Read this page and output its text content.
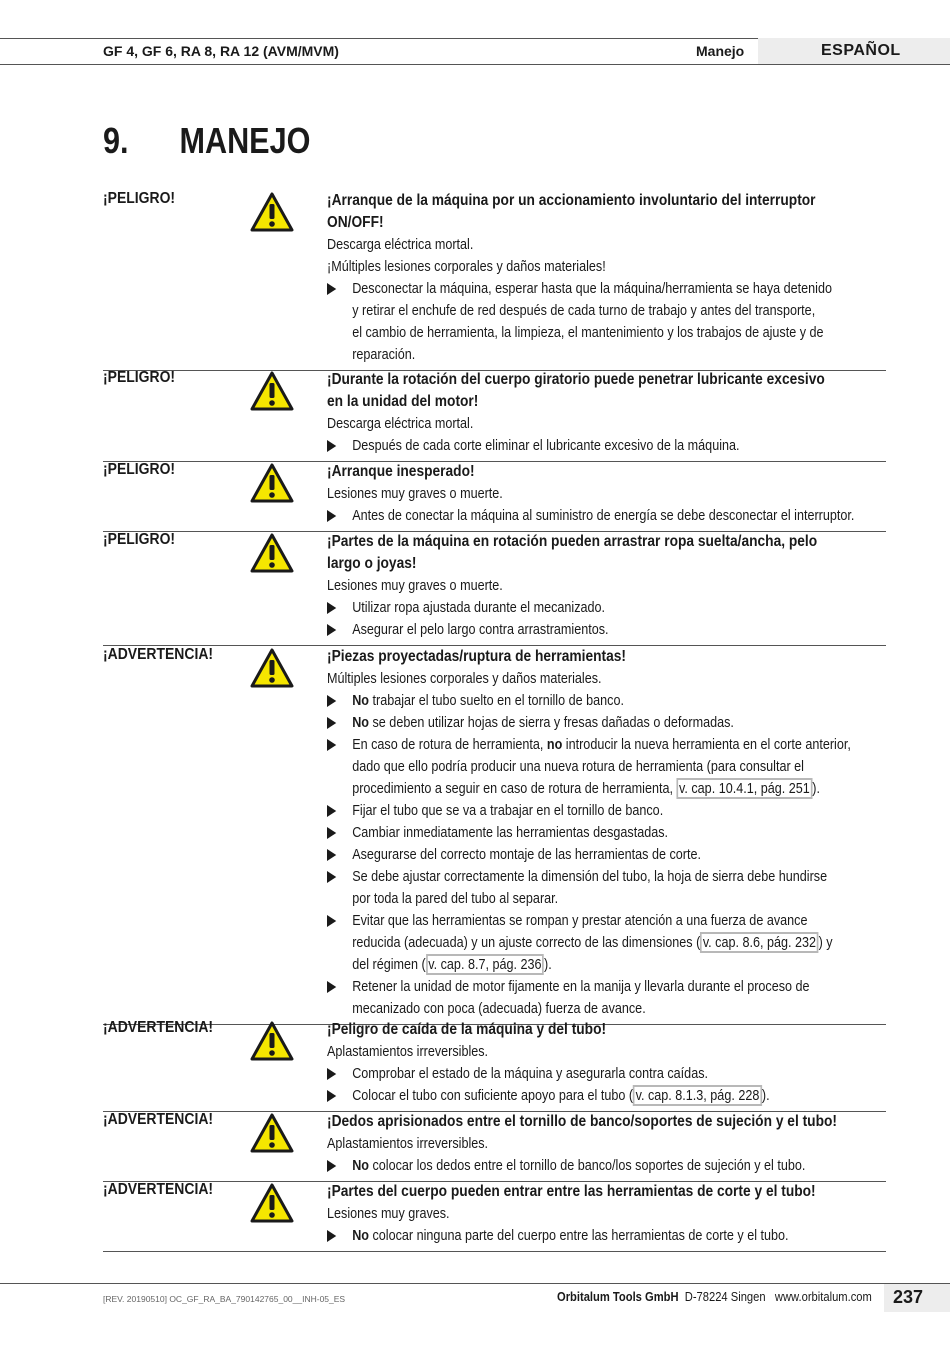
GF 4, GF 6, RA 8, RA 12 (AVM/MVM)	Manejo	ESPAÑOL
9. MANEJO
¡PELIGRO!	¡Arranque de la máquina por un accionamiento involuntario del interruptor
ON/OFF!
Descarga eléctrica mortal.
¡Múltiples lesiones corporales y daños materiales!
Desconectar la máquina, esperar hasta que la máquina/herramienta se haya detenido
y retirar el enchufe de red después de cada turno de trabajo y antes del transporte,
el cambio de herramienta, la limpieza, el mantenimiento y los trabajos de ajuste y de
reparación.
¡PELIGRO!	¡Durante la rotación del cuerpo giratorio puede penetrar lubricante excesivo
en la unidad del motor!
Descarga eléctrica mortal.
Después de cada corte eliminar el lubricante excesivo de la máquina.
¡PELIGRO!	¡Arranque inesperado!
Lesiones muy graves o muerte.
Antes de conectar la máquina al suministro de energía se debe desconectar el interruptor.
¡PELIGRO!	¡Partes de la máquina en rotación pueden arrastrar ropa suelta/ancha, pelo
largo o joyas!
Lesiones muy graves o muerte.
Utilizar ropa ajustada durante el mecanizado.
Asegurar el pelo largo contra arrastramientos.
¡ADVERTENCIA!	¡Piezas proyectadas/ruptura de herramientas!
Múltiples lesiones corporales y daños materiales.
No trabajar el tubo suelto en el tornillo de banco.
No se deben utilizar hojas de sierra y fresas dañadas o deformadas.
En caso de rotura de herramienta, no introducir la nueva herramienta en el corte anterior,
dado que ello podría producir una nueva rotura de herramienta (para consultar el
procedimiento a seguir en caso de rotura de herramienta, v. cap. 10.4.1, pág. 251 ).
Fijar el tubo que se va a trabajar en el tornillo de banco.
Cambiar inmediatamente las herramientas desgastadas.
Asegurarse del correcto montaje de las herramientas de corte.
Se debe ajustar correctamente la dimensión del tubo, la hoja de sierra debe hundirse
por toda la pared del tubo al separar.
Evitar que las herramientas se rompan y prestar atención a una fuerza de avance
reducida (adecuada) y un ajuste correcto de las dimensiones ( v. cap. 8.6, pág. 232 ) y
del régimen ( v. cap. 8.7, pág. 236 ).
Retener la unidad de motor fijamente en la manija y llevarla durante el proceso de
mecanizado con poca (adecuada) fuerza de avance.
¡ADVERTENCIA!	¡Peligro de caída de la máquina y del tubo!
Aplastamientos irreversibles.
Comprobar el estado de la máquina y asegurarla contra caídas.
Colocar el tubo con suficiente apoyo para el tubo ( v. cap. 8.1.3, pág. 228 ).
¡ADVERTENCIA!	¡Dedos aprisionados entre el tornillo de banco/soportes de sujeción y el tubo!
Aplastamientos irreversibles.
No colocar los dedos entre el tornillo de banco/los soportes de sujeción y el tubo.
¡ADVERTENCIA!	¡Partes del cuerpo pueden entrar entre las herramientas de corte y el tubo!
Lesiones muy graves.
No colocar ninguna parte del cuerpo entre las herramientas de corte y el tubo.
[REV. 20190510] OC_GF_RA_BA_790142765_00__INH-05_ES	Orbitalum Tools GmbH D-78224 Singen www.orbitalum.com 237
